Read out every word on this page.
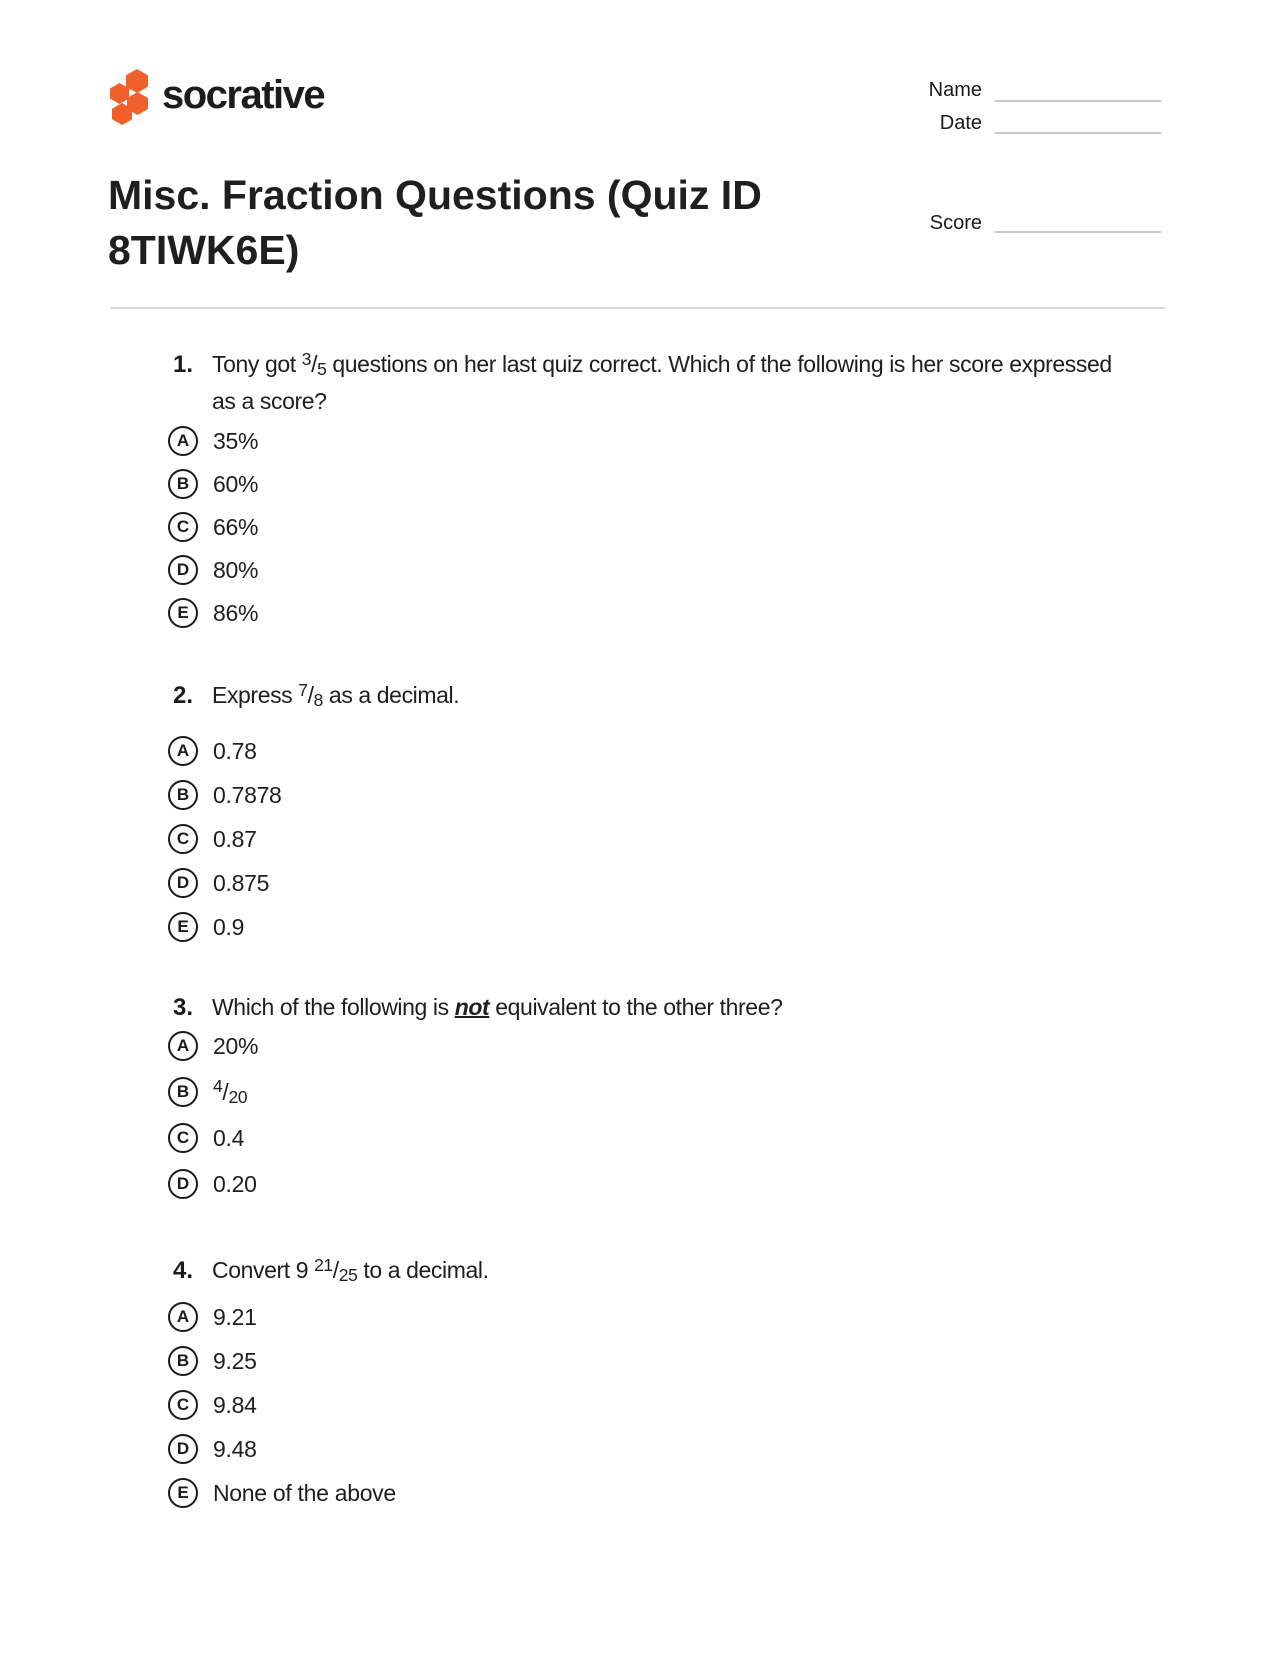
socrative	Name
Date
Score
Misc. Fraction Questions (Quiz ID 8TIWK6E)
1. Tony got $^3$/5 questions on her last quiz correct. Which of the following is her score expressed
as a score?
A	35%
B	60%
C	66%
D	80%
E	86%
2. Express $^7$/8 as a decimal.
A	0.78
B	0.7878
C	0.87
D	0.875
E	0.9
3. Which of the following is not equivalent to the other three?
A	20%
B	$^4$/20
C	0.4
D	0.20
4. Convert 9 $^{21}$/25 to a decimal.
A	9.21
B	9.25
C	9.84
D	9.48
E	None of the above
